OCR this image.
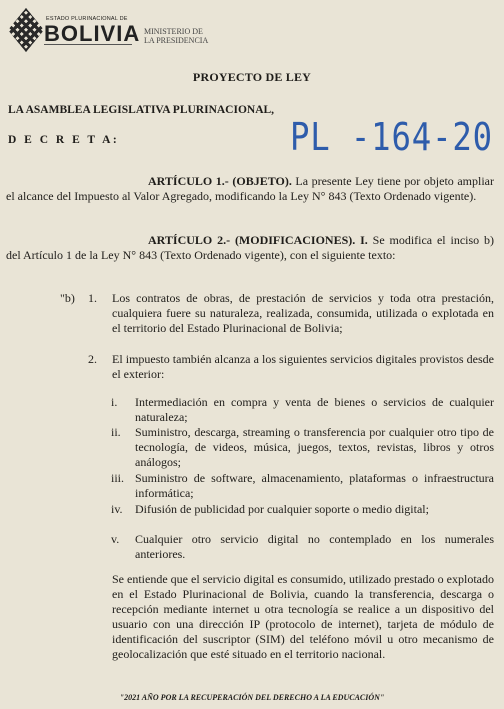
ESTADO PLURINACIONAL DE
BOLIVIA MINISTERIO DE
LA PRESIDENCIA
PROYECTO DE LEY
LA ASAMBLEA LEGISLATIVA PLURINACIONAL,
D E C R E T A:	PL -164-20
ARTÍCULO 1.- (OBJETO). La presente Ley tiene por objeto ampliar el alcance del Impuesto al Valor Agregado, modificando la Ley N° 843 (Texto Ordenado vigente).
ARTÍCULO 2.- (MODIFICACIONES). I. Se modifica el inciso b) del Artículo 1 de la Ley N° 843 (Texto Ordenado vigente), con el siguiente texto:
"b) 1. Los contratos de obras, de prestación de servicios y toda otra prestación, cualquiera fuere su naturaleza, realizada, consumida, utilizada o explotada en el territorio del Estado Plurinacional de Bolivia;
2. El impuesto también alcanza a los siguientes servicios digitales provistos desde el exterior:
i.	Intermediación en compra y venta de bienes o servicios de cualquier naturaleza;
ii.	Suministro, descarga, streaming o transferencia por cualquier otro tipo de tecnología, de videos, música, juegos, textos, revistas, libros y otros análogos;
iii. Suministro de software, almacenamiento, plataformas o infraestructura informática;
iv.	Difusión de publicidad por cualquier soporte o medio digital;
v.	Cualquier otro servicio digital no contemplado en los numerales anteriores.
Se entiende que el servicio digital es consumido, utilizado prestado o explotado en el Estado Plurinacional de Bolivia, cuando la transferencia, descarga o recepción mediante internet u otra tecnología se realice a un dispositivo del usuario con una dirección IP (protocolo de internet), tarjeta de módulo de identificación del suscriptor (SIM) del teléfono móvil u otro mecanismo de geolocalización que esté situado en el territorio nacional.
"2021 AÑO POR LA RECUPERACIÓN DEL DERECHO A LA EDUCACIÓN"
